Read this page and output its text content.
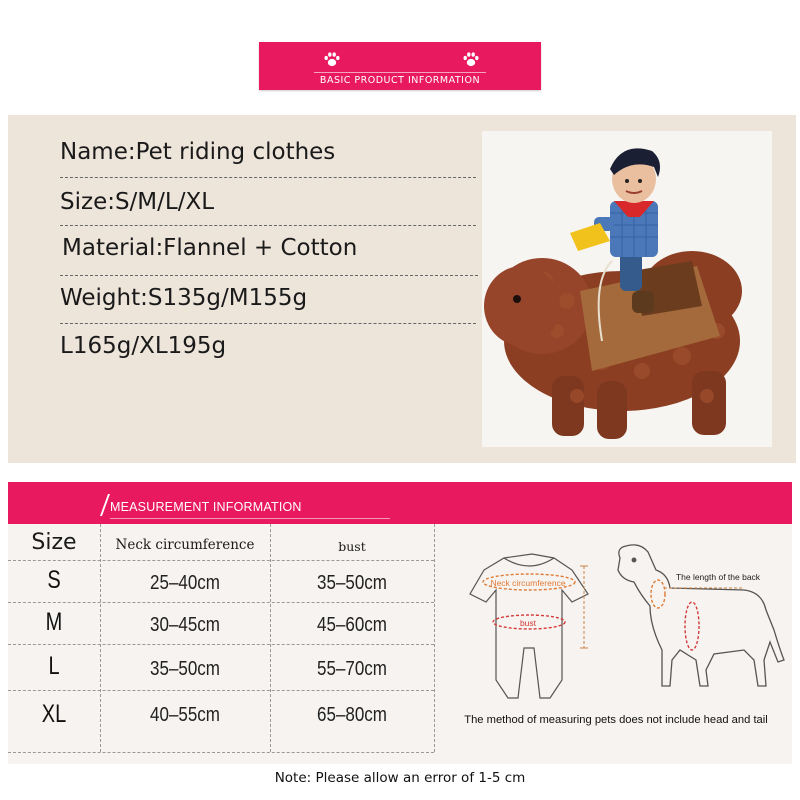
BASIC PRODUCT INFORMATION
Name:Pet riding clothes
Size:S/M/L/XL
Material:Flannel + Cotton
Weight:S135g/M155g
L165g/XL195g
MEASUREMENT INFORMATION
Size	Neck circumference	bust
S	25–40cm	35–50cm
M	30–45cm	45–60cm
L	35–50cm	55–70cm
XL	40–55cm	65–80cm
Neck circumference
bust
The length of the back
The method of measuring pets does not include head and tail
Note: Please allow an error of 1-5 cm
